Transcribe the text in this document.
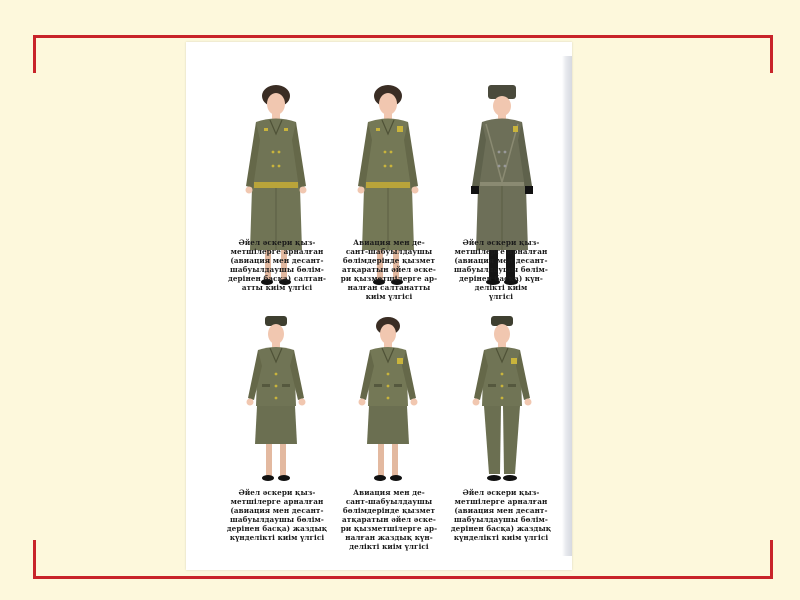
Әйел әскери қыз-
метшілерге арналған
(авиация мен десант-
шабуылдаушы бөлім-
дерінен басқа) салтан-
атты киім үлгісі
Авиация мен де-
сант-шабуылдаушы
бөлімдерінде қызмет
атқаратын әйел әске-
ри қызметшілерге ар-
налған салтанатты
киім үлгісі
Әйел әскери қыз-
метшілерге арналған
(авиация мен десант-
шабуылдаушы бөлім-
дерінен басқа) күн-
делікті киім
үлгісі
Әйел әскери қыз-
метшілерге арналған
(авиация мен десант-
шабуылдаушы бөлім-
дерінен басқа) жаздық
күнделікті киім үлгісі
Авиация мен де-
сант-шабуылдаушы
бөлімдерінде қызмет
атқаратын әйел әске-
ри қызметшілерге ар-
налған жаздық күн-
делікті киім үлгісі
Әйел әскери қыз-
метшілерге арналған
(авиация мен десант-
шабуылдаушы бөлім-
дерінен басқа) жаздық
күнделікті киім үлгісі
